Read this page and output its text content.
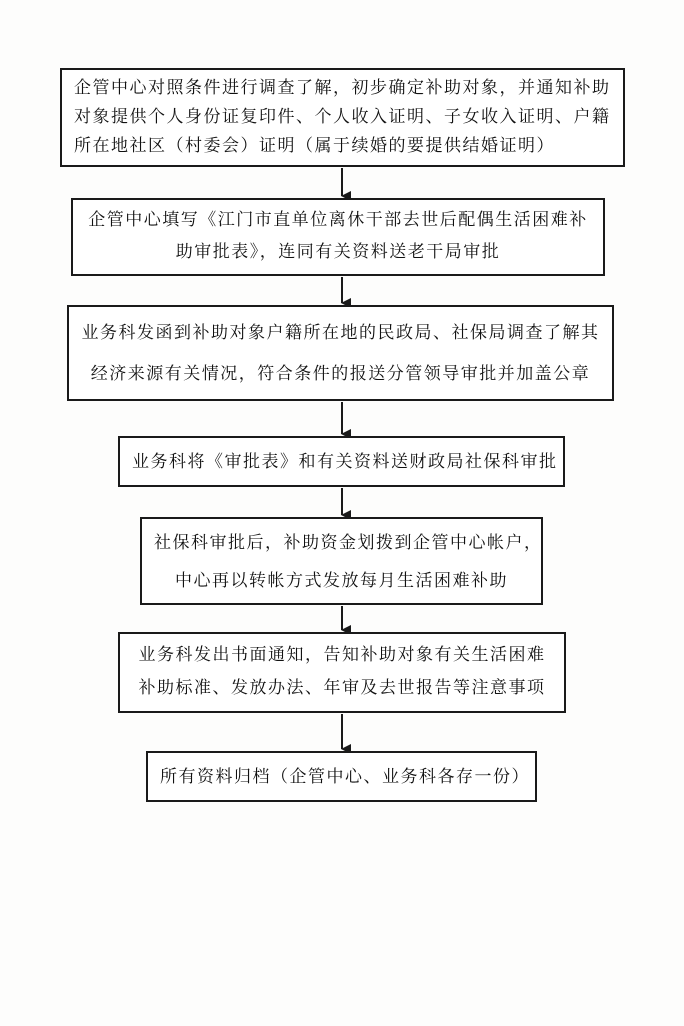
企管中心对照条件进行调查了解，初步确定补助对象，并通知补助
对象提供个人身份证复印件、个人收入证明、子女收入证明、户籍
所在地社区（村委会）证明（属于续婚的要提供结婚证明）
企管中心填写《江门市直单位离休干部去世后配偶生活困难补
助审批表》，连同有关资料送老干局审批
业务科发函到补助对象户籍所在地的民政局、社保局调查了解其
经济来源有关情况，符合条件的报送分管领导审批并加盖公章
业务科将《审批表》和有关资料送财政局社保科审批
社保科审批后，补助资金划拨到企管中心帐户，
中心再以转帐方式发放每月生活困难补助
业务科发出书面通知，告知补助对象有关生活困难
补助标准、发放办法、年审及去世报告等注意事项
所有资料归档（企管中心、业务科各存一份）
